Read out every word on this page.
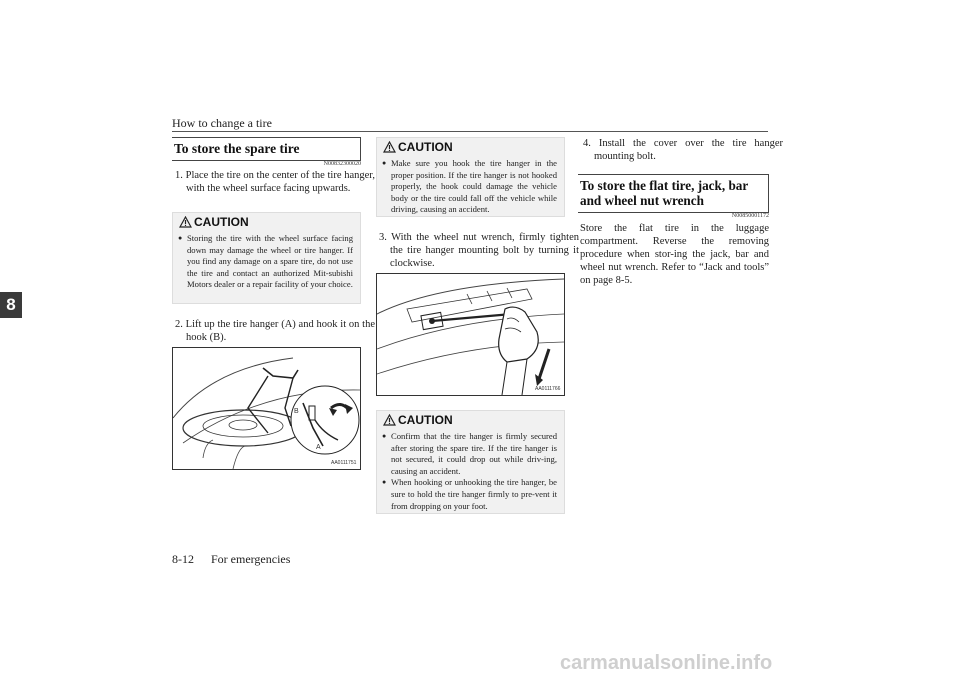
How to change a tire
8
To store the spare tire
N00832300020
1. Place the tire on the center of the tire hanger, with the wheel surface facing upwards.
CAUTION
● Storing the tire with the wheel surface facing down may damage the wheel or tire hanger. If you find any damage on a spare tire, do not use the tire and contact an authorized Mit-subishi Motors dealer or a repair facility of your choice.
2. Lift up the tire hanger (A) and hook it on the hook (B).
B
A
AA0111751
CAUTION
● Make sure you hook the tire hanger in the proper position. If the tire hanger is not hooked properly, the hook could damage the vehicle body or the tire could fall off the vehicle while driving, causing an accident.
3. With the wheel nut wrench, firmly tighten the tire hanger mounting bolt by turning it clockwise.
AA0111766
CAUTION
● Confirm that the tire hanger is firmly secured after storing the spare tire. If the tire hanger is not secured, it could drop out while driv-ing, causing an accident.
● When hooking or unhooking the tire hanger, be sure to hold the tire hanger firmly to pre-vent it from dropping on your foot.
4. Install the cover over the tire hanger mounting bolt.
To store the flat tire, jack, bar and wheel nut wrench
N00850001172
Store the flat tire in the luggage compartment. Reverse the removing procedure when stor-ing the jack, bar and wheel nut wrench. Refer to “Jack and tools” on page 8-5.
8-12 For emergencies
carmanualsonline.info
